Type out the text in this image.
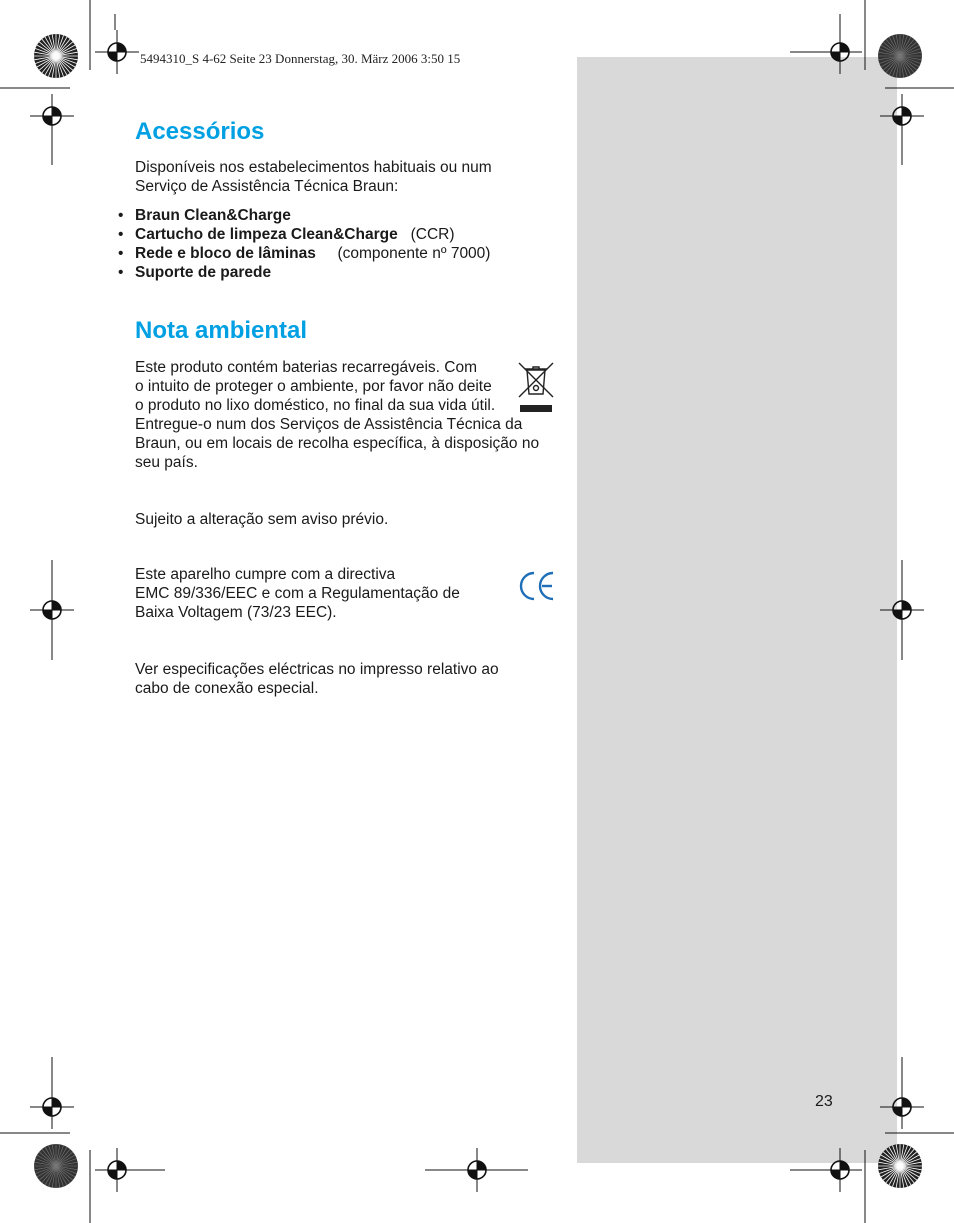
5494310_S 4-62 Seite 23 Donnerstag, 30. März 2006 3:50 15
Acessórios

Disponíveis nos estabelecimentos habituais ou num
Serviço de Assistência Técnica Braun:

• Braun Clean&Charge
• Cartucho de limpeza Clean&Charge (CCR)
• Rede e bloco de lâminas (componente nº 7000)
• Suporte de parede
Nota ambiental

Este produto contém baterias recarregáveis. Com
o intuito de proteger o ambiente, por favor não deite
o produto no lixo doméstico, no final da sua vida útil.
Entregue-o num dos Serviços de Assistência Técnica da Braun, ou em locais de recolha específica, à disposição no seu país.

Sujeito a alteração sem aviso prévio.

Este aparelho cumpre com a directiva
EMC 89/336/EEC e com a Regulamentação de
Baixa Voltagem (73/23 EEC).

Ver especificações eléctricas no impresso relativo ao
cabo de conexão especial.

23
